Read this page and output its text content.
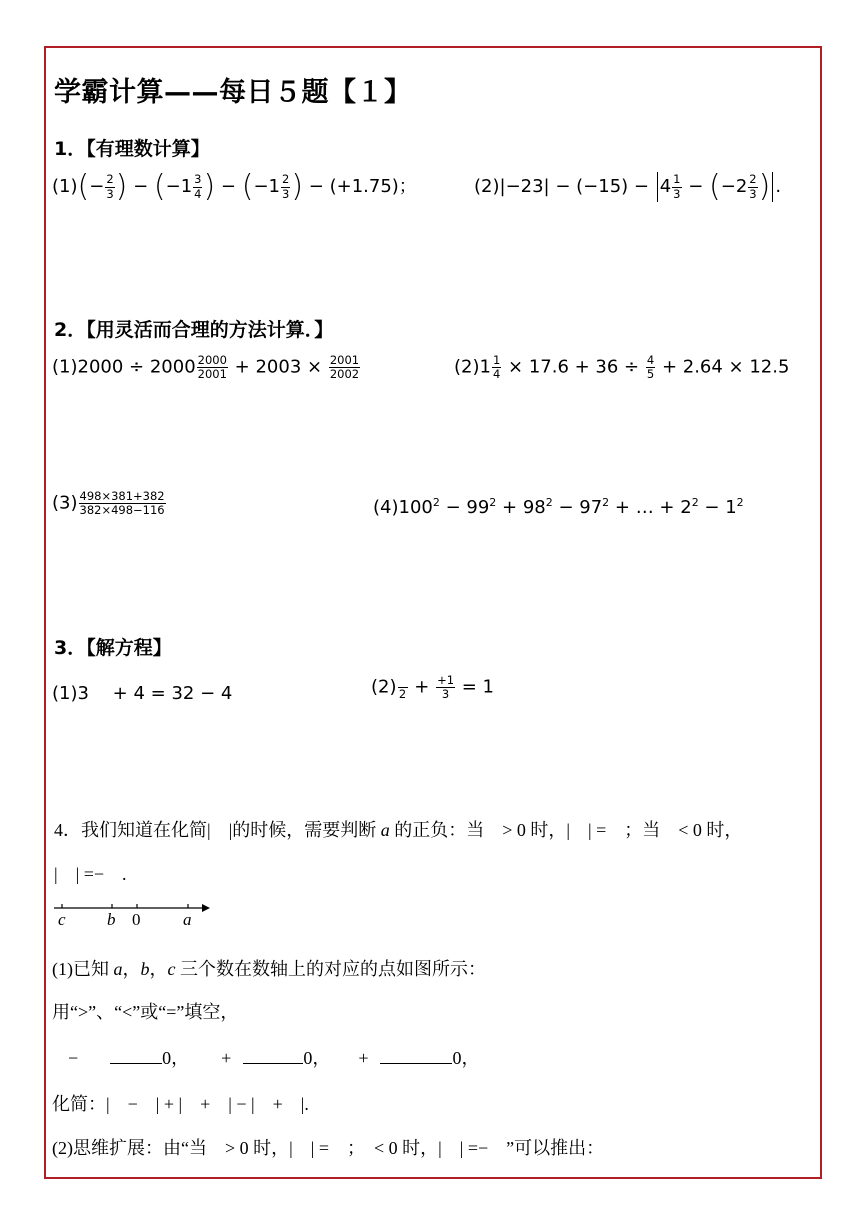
学霸计算——每日５题【１】
1．【有理数计算】
$(1)(- \frac{2}{3}$ ) − ($-1 \frac{3}{4}$ ) − ($-1 \frac{2}{3}$ ) − (+1.75)；	$(2)|-23| - (-15) - 4 \frac{1}{3} - (-2 \frac{2}{3}$ ) .
2．【用灵活而合理的方法计算．】
$(1)2000 \div 2000 \frac{2000}{2001} + 2003 \times \frac{2001}{2002}$	$(2)1 \frac{1}{4} \times 17.6 + 36 \div \frac{4}{5} + 2.64 \times 12.5$
$(3) \frac{498\times 381+382}{382\times 498-116}$	$(4)100^2 - 99^2 + 98^2 - 97^2$ + … + $2^2 - 1^2$
3．【解方程】
(1)3 　+ 4 = 32 − 4	(2) $2 + \frac{+1}{3} = 1$
4．我们知道在化简|　|的时候，需要判断 a 的正负：当　> 0 时，|　| =　；当　< 0 时，
|　| =−　.
c b 0	a
(1)已知 a，b，c 三个数在数轴上的对应的点如图所示：
用“>”、“<”或“=”填空，
−	0， +	0， +	0，
化简：|　−　| + |　+　| − |　+　|.
(2)思维扩展：由“当　> 0 时，|　| =　；　< 0 时，|　| =−　”可以推出：
